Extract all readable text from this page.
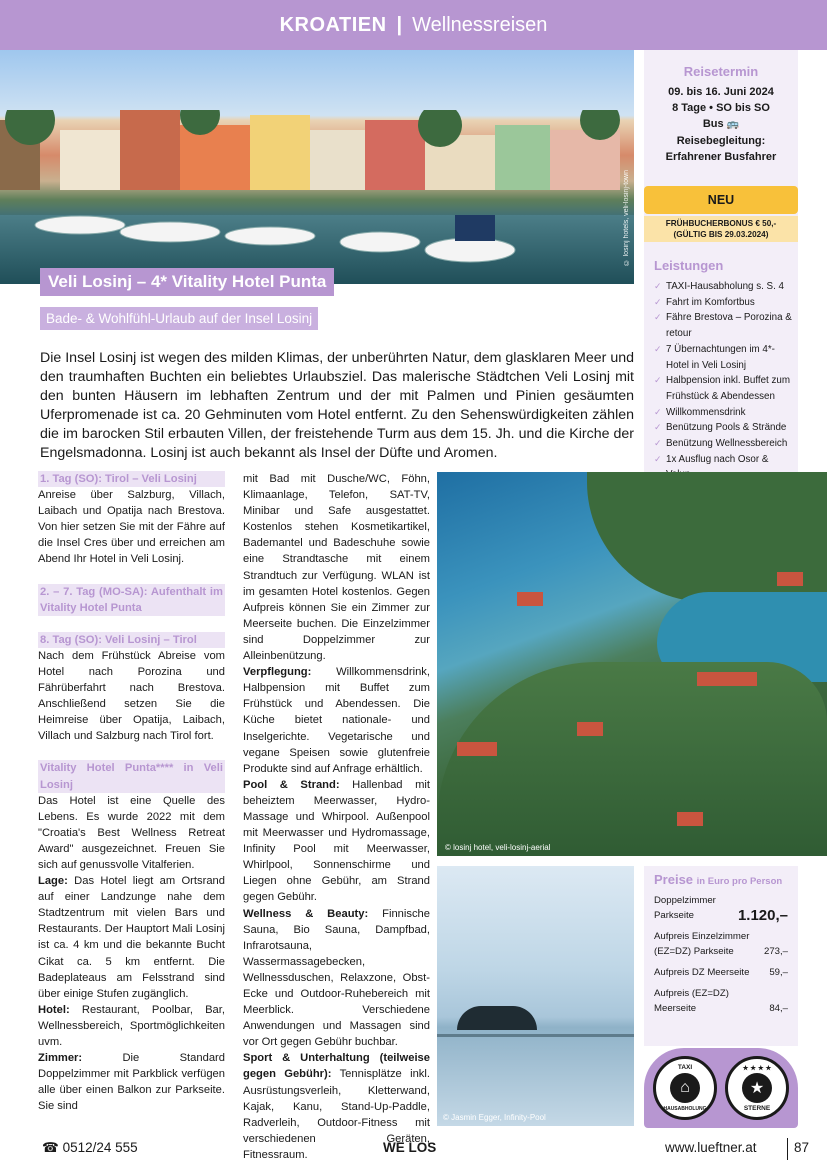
KROATIEN | Wellnessreisen
© losinj hotels, veli-losinj-town
Veli Losinj – 4* Vitality Hotel Punta
Bade- & Wohlfühl-Urlaub auf der Insel Losinj

Die Insel Losinj ist wegen des milden Klimas, der unberührten Natur, dem glasklaren Meer und den traumhaften Buchten ein beliebtes Urlaubsziel. Das malerische Städtchen Veli Losinj mit den bunten Häusern im lebhaften Zentrum und der mit Palmen und Pinien gesäumten Uferpromenade ist ca. 20 Gehminuten vom Hotel entfernt. Zu den Sehenswürdigkeiten zählen die im barocken Stil erbauten Villen, der freistehende Turm aus dem 15. Jh. und die Kirche der Engelsmadonna. Losinj ist auch bekannt als Insel der Düfte und Aromen.

1. Tag (SO): Tirol – Veli Losinj
Anreise über Salzburg, Villach, Laibach und Opatija nach Brestova. Von hier setzen Sie mit der Fähre auf die Insel Cres über und erreichen am Abend Ihr Hotel in Veli Losinj.

2. – 7. Tag (MO-SA): Aufenthalt im Vitality Hotel Punta

8. Tag (SO): Veli Losinj – Tirol
Nach dem Frühstück Abreise vom Hotel nach Porozina und Fährüberfahrt nach Brestova. Anschließend setzen Sie die Heimreise über Opatija, Laibach, Villach und Salzburg nach Tirol fort.

Vitality Hotel Punta**** in Veli Losinj
Das Hotel ist eine Quelle des Lebens. Es wurde 2022 mit dem "Croatia's Best Wellness Retreat Award" ausgezeichnet. Freuen Sie sich auf genussvolle Vitalferien.
Lage: Das Hotel liegt am Ortsrand auf einer Landzunge nahe dem Stadtzentrum mit vielen Bars und Restaurants. Der Hauptort Mali Losinj ist ca. 4 km und die bekannte Bucht Cikat ca. 5 km entfernt. Die Badeplateaus am Felsstrand sind über einige Stufen zugänglich.
Hotel: Restaurant, Poolbar, Bar, Wellnessbereich, Sportmöglichkeiten uvm.
Zimmer: Die Standard Doppelzimmer mit Parkblick verfügen alle über einen Balkon zur Parkseite. Sie sind
mit Bad mit Dusche/WC, Föhn, Klimaanlage, Telefon, SAT-TV, Minibar und Safe ausgestattet. Kostenlos stehen Kosmetikartikel, Bademantel und Badeschuhe sowie eine Strandtasche mit einem Strandtuch zur Verfügung. WLAN ist im gesamten Hotel kostenlos. Gegen Aufpreis können Sie ein Zimmer zur Meerseite buchen. Die Einzelzimmer sind Doppelzimmer zur Alleinbenützung.
Verpflegung: Willkommensdrink, Halbpension mit Buffet zum Frühstück und Abendessen. Die Küche bietet nationale- und Inselgerichte. Vegetarische und vegane Speisen sowie glutenfreie Produkte sind auf Anfrage erhältlich.
Pool & Strand: Hallenbad mit beheiztem Meerwasser, Hydro-Massage und Whirpool. Außenpool mit Meerwasser und Hydromassage, Infinity Pool mit Meerwasser, Whirlpool, Sonnenschirme und Liegen ohne Gebühr, am Strand gegen Gebühr.
Wellness & Beauty: Finnische Sauna, Bio Sauna, Dampfbad, Infrarotsauna, Wassermassagebecken, Wellnessduschen, Relaxzone, Obst-Ecke und Outdoor-Ruhebereich mit Meerblick. Verschiedene Anwendungen und Massagen sind vor Ort gegen Gebühr buchbar.
Sport & Unterhaltung (teilweise gegen Gebühr): Tennisplätze inkl. Ausrüstungsverleih, Kletterwand, Kajak, Kanu, Stand-Up-Paddle, Radverleih, Outdoor-Fitness mit verschiedenen Geräten, Fitnessraum.
Reisetermin
09. bis 16. Juni 2024
8 Tage • SO bis SO
Bus 🚌
Reisebegleitung:
Erfahrener Busfahrer
NEU
FRÜHBUCHERBONUS € 50,-
(GÜLTIG BIS 29.03.2024)
Leistungen
✓ TAXI-Hausabholung s. S. 4
✓ Fahrt im Komfortbus
✓ Fähre Brestova – Porozina & retour
✓ 7 Übernachtungen im 4*-Hotel in Veli Losinj
✓ Halbpension inkl. Buffet zum Frühstück & Abendessen
✓ Willkommensdrink
✓ Benützung Pools & Strände
✓ Benützung Wellnessbereich
✓ 1x Ausflug nach Osor &
© losinj hotel, veli-losinj-aerial
© Jasmin Egger, Infinity-Pool
Preise in Euro pro Person
Doppelzimmer Parkseite	1.120,–
Aufpreis Einzelzimmer (EZ=DZ) Parkseite	273,–
Aufpreis DZ Meerseite 59,–
Aufpreis (EZ=DZ) Meerseite	84,–
TAXI
⌂
HAUSABHOLUNG
★ ★ ★ ★
★
STERNE
☎ 0512/24 555	WE LOS	www.lueftner.at	87
